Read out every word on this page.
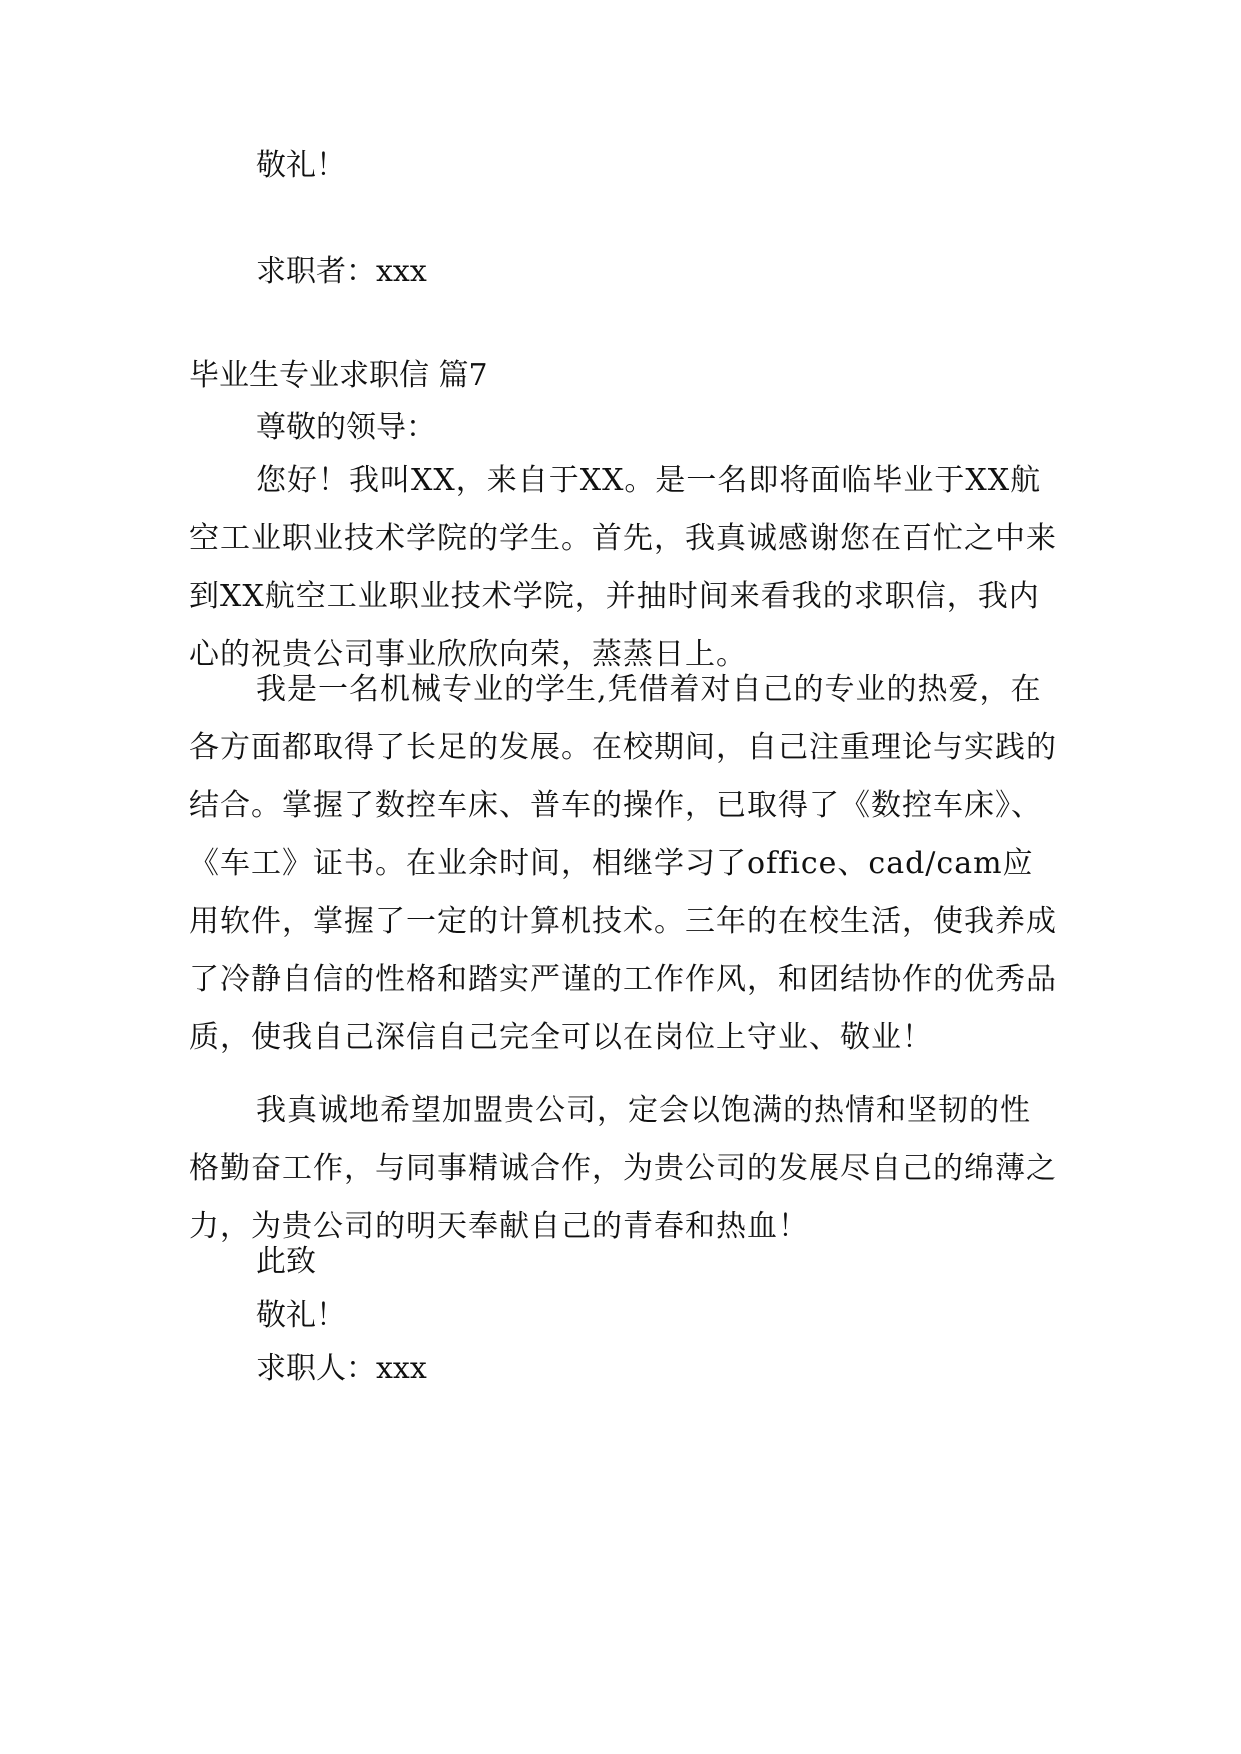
敬礼！
求职者：xxx
毕业生专业求职信 篇7
尊敬的领导：
您好！我叫XX，来自于XX。是一名即将面临毕业于XX航空工业职业技术学院的学生。首先，我真诚感谢您在百忙之中来到XX航空工业职业技术学院，并抽时间来看我的求职信，我内心的祝贵公司事业欣欣向荣，蒸蒸日上。
我是一名机械专业的学生,凭借着对自己的专业的热爱，在各方面都取得了长足的发展。在校期间，自己注重理论与实践的结合。掌握了数控车床、普车的操作，已取得了《数控车床》、《车工》证书。在业余时间，相继学习了office、cad/cam应用软件，掌握了一定的计算机技术。三年的在校生活，使我养成了冷静自信的性格和踏实严谨的工作作风，和团结协作的优秀品质，使我自己深信自己完全可以在岗位上守业、敬业！
我真诚地希望加盟贵公司，定会以饱满的热情和坚韧的性格勤奋工作，与同事精诚合作，为贵公司的发展尽自己的绵薄之力，为贵公司的明天奉献自己的青春和热血！
此致
敬礼！
求职人：xxx
